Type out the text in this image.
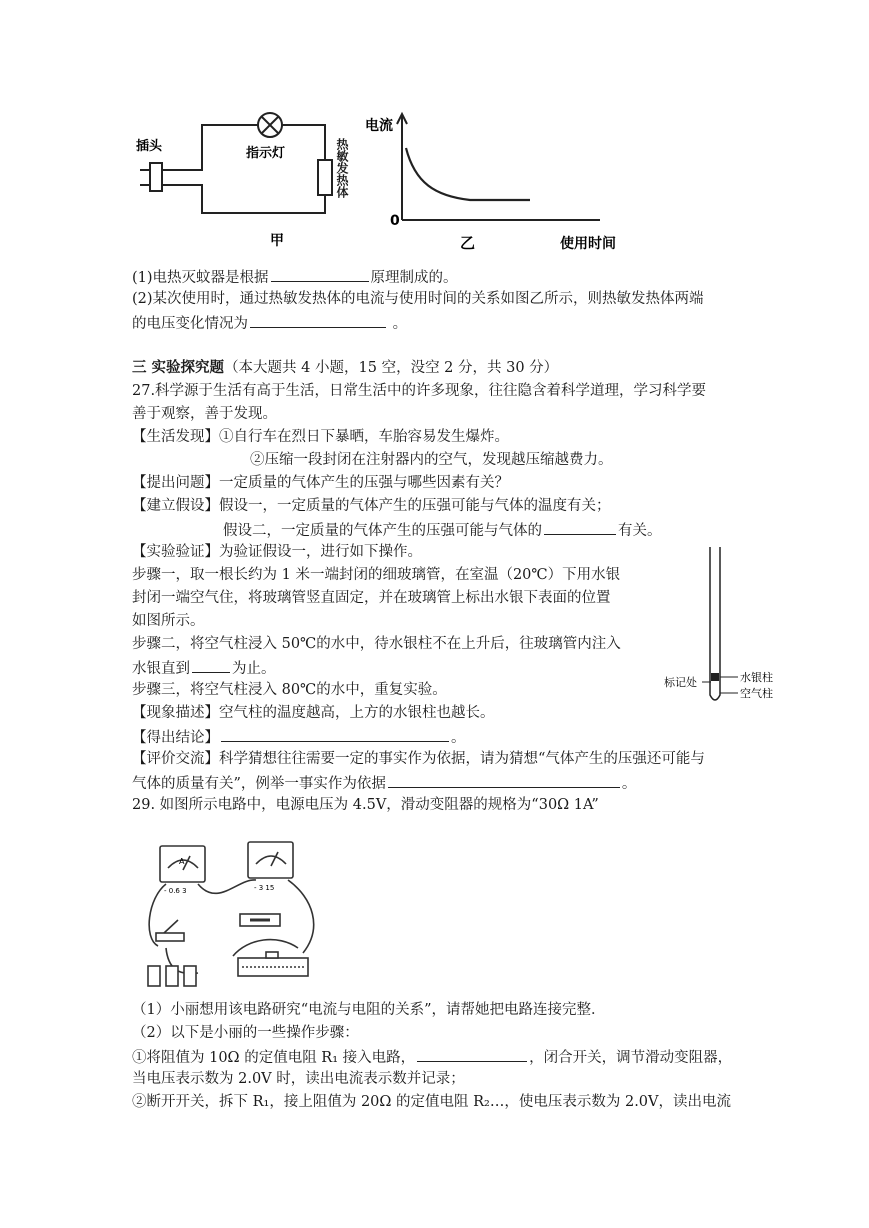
插头	指示灯
甲
热敏发热体
电流
0
乙	使用时间
(1)电热灭蚊器是根据	原理制成的。
(2)某次使用时，通过热敏发热体的电流与使用时间的关系如图乙所示，则热敏发热体两端
的电压变化情况为	。
三 实验探究题（本大题共 4 小题，15 空，没空 2 分，共 30 分）
27.科学源于生活有高于生活，日常生活中的许多现象，往往隐含着科学道理，学习科学要
善于观察，善于发现。
【生活发现】①自行车在烈日下暴晒，车胎容易发生爆炸。
②压缩一段封闭在注射器内的空气，发现越压缩越费力。
【提出问题】一定质量的气体产生的压强与哪些因素有关？
【建立假设】假设一，一定质量的气体产生的压强可能与气体的温度有关；
假设二，一定质量的气体产生的压强可能与气体的	有关。
【实验验证】为验证假设一，进行如下操作。
步骤一，取一根长约为 1 米一端封闭的细玻璃管，在室温（20℃）下用水银
封闭一端空气住，将玻璃管竖直固定，并在玻璃管上标出水银下表面的位置
如图所示。
步骤二，将空气柱浸入 50℃的水中，待水银柱不在上升后，往玻璃管内注入
水银直到	为止。
步骤三，将空气柱浸入 80℃的水中，重复实验。
【现象描述】空气柱的温度越高，上方的水银柱也越长。
【得出结论】	。
【评价交流】科学猜想往往需要一定的事实作为依据，请为猜想“气体产生的压强还可能与
气体的质量有关”，例举一事实作为依据	。
标记处	水银柱
空气柱
29. 如图所示电路中，电源电压为 4.5V，滑动变阻器的规格为“30Ω 1A”
A
- 0.6 3	- 3 15
（1）小丽想用该电路研究“电流与电阻的关系”，请帮她把电路连接完整．
（2）以下是小丽的一些操作步骤：
①将阻值为 10Ω 的定值电阻 R₁ 接入电路，	，闭合开关，调节滑动变阻器，
当电压表示数为 2.0V 时，读出电流表示数并记录；
②断开开关，拆下 R₁，接上阻值为 20Ω 的定值电阻 R₂…，使电压表示数为 2.0V，读出电流
